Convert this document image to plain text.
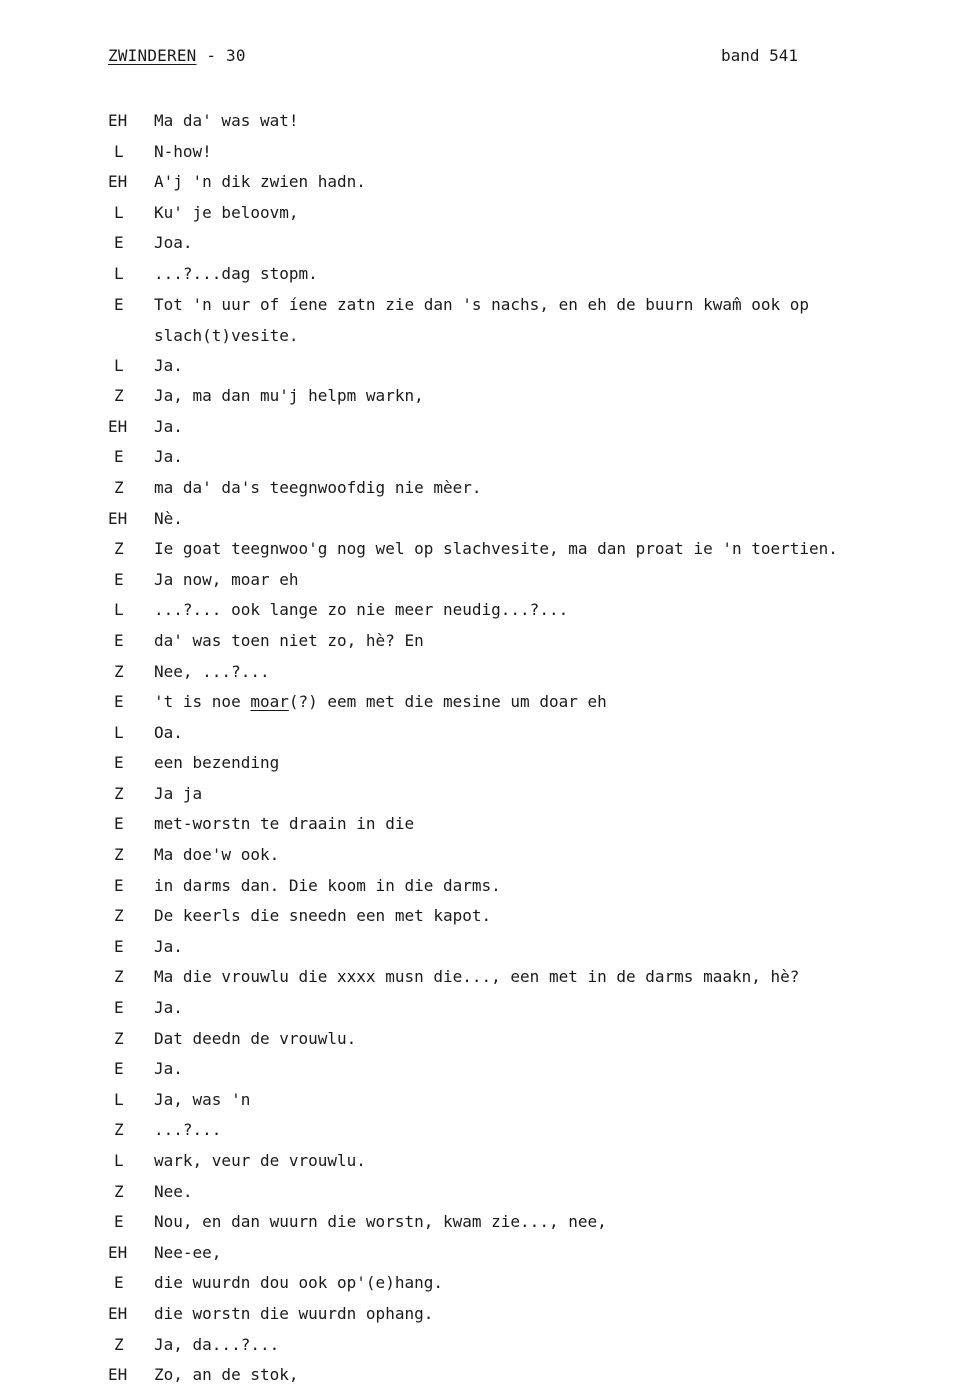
ZWINDEREN - 30	band 541
EH	Ma da' was wat!
L	N-how!
EH	A'j 'n dik zwien hadn.
L	Ku' je beloovm,
E	Joa.
L	...?...dag stopm.
E	Tot 'n uur of íene zatn zie dan 's nachs, en eh de buurn kwam̂ ook op slach(t)vesite.
L	Ja.
Z	Ja, ma dan mu'j helpm warkn,
EH	Ja.
E	Ja.
Z	ma da' da's teegnwoofdig nie mèer.
EH	Nè.
Z	Ie goat teegnwoo'g nog wel op slachvesite, ma dan proat ie 'n toertien.
E	Ja now, moar eh
L	...?... ook lange zo nie meer neudig...?...
E	da' was toen niet zo, hè? En
Z	Nee, ...?...
E	't is noe moar(?) eem met die mesine um doar eh
L	Oa.
E	een bezending
Z	Ja ja
E	met-worstn te draain in die
Z	Ma doe'w ook.
E	in darms dan. Die koom in die darms.
Z	De keerls die sneedn een met kapot.
E	Ja.
Z	Ma die vrouwlu die xxxx musn die..., een met in de darms maakn, hè?
E	Ja.
Z	Dat deedn de vrouwlu.
E	Ja.
L	Ja, was 'n
Z	...?...
L	wark, veur de vrouwlu.
Z	Nee.
E	Nou, en dan wuurn die worstn, kwam zie..., nee,
EH	Nee-ee,
E	die wuurdn dou ook op'(e)hang.
EH	die worstn die wuurdn ophang.
Z	Ja, da...?...
EH	Zo, an de stok,
